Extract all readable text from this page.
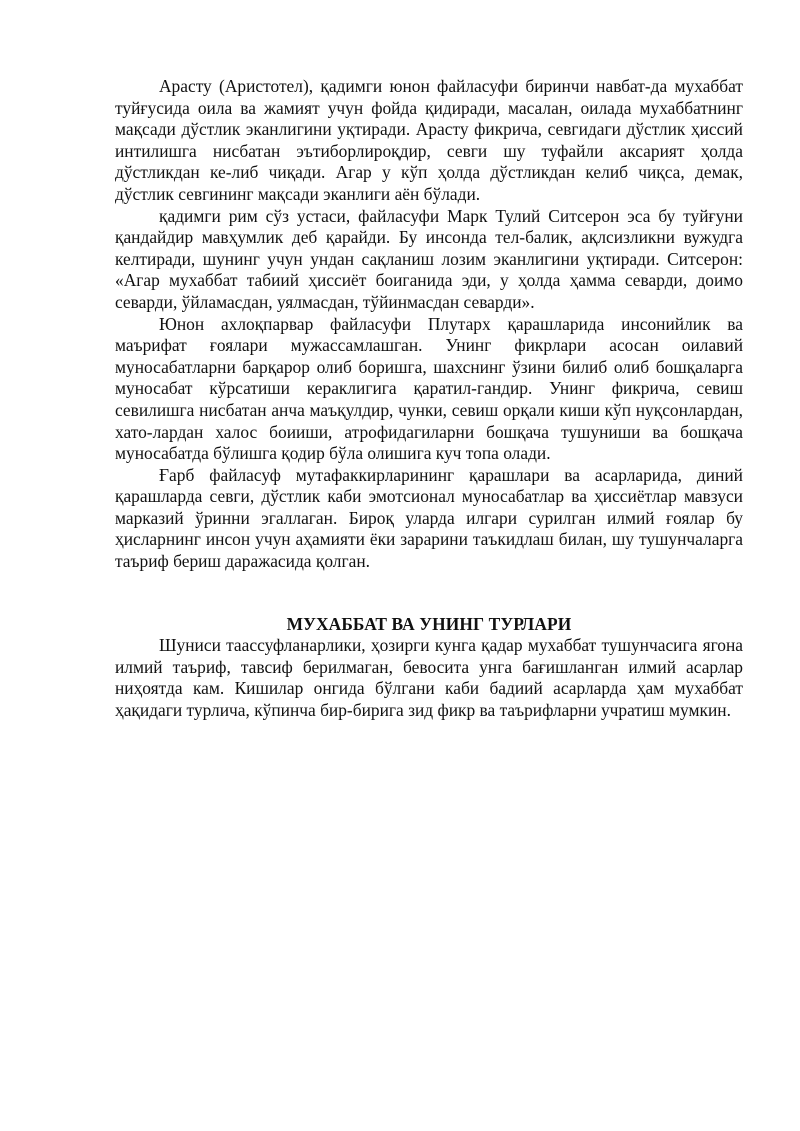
Арасту (Аристотел), қадимги юнон файласуфи биринчи навбат-да мухаббат туйғусида оила ва жамият учун фойда қидиради, масалан, оилада мухаббатнинг мақсади дўстлик эканлигини уқтиради. Арасту фикрича, севгидаги дўстлик ҳиссий интилишга нисбатан эътиборлироқдир, севги шу туфайли аксарият ҳолда дўстликдан ке-либ чиқади. Агар у кўп ҳолда дўстликдан келиб чиқса, демак, дўстлик севгининг мақсади эканлиги аён бўлади.

қадимги рим сўз устаси, файласуфи Марк Тулий Ситсерон эса бу туйғуни қандайдир мавҳумлик деб қарайди. Бу инсонда тел-балик, ақлсизликни вужудга келтиради, шунинг учун ундан сақланиш лозим эканлигини уқтиради. Ситсерон: «Агар мухаббат табиий ҳиссиёт боиганида эди, у ҳолда ҳамма севарди, доимо севарди, ўйламасдан, уялмасдан, тўйинмасдан севарди».

Юнон ахлоқпарвар файласуфи Плутарх қарашларида инсонийлик ва маърифат ғоялари мужассамлашган. Унинг фикрлари асосан оилавий муносабатларни барқарор олиб боришга, шахснинг ўзини билиб олиб бошқаларга муносабат кўрсатиши кераклигига қаратил-гандир. Унинг фикрича, севиш севилишга нисбатан анча маъқулдир, чунки, севиш орқали киши кўп нуқсонлардан, хато-лардан халос боииши, атрофидагиларни бошқача тушуниши ва бошқача муносабатда бўлишга қодир бўла олишига куч топа олади.

Ғарб файласуф мутафаккирларининг қарашлари ва асарларида, диний қарашларда севги, дўстлик каби эмотсионал муносабатлар ва ҳиссиётлар мавзуси марказий ўринни эгаллаган. Бироқ уларда илгари сурилган илмий ғоялар бу ҳисларнинг инсон учун аҳамияти ёки зарарини таъкидлаш билан, шу тушунчаларга таъриф бериш даражасида қолган.

МУХАББАТ ВА УНИНГ ТУРЛАРИ

Шуниси таассуфланарлики, ҳозирги кунга қадар мухаббат тушунчасига ягона илмий таъриф, тавсиф берилмаган, бевосита унга бағишланган илмий асарлар ниҳоятда кам. Кишилар онгида бўлгани каби бадиий асарларда ҳам мухаббат ҳақидаги турлича, кўпинча бир-бирига зид фикр ва таърифларни учратиш мумкин.
